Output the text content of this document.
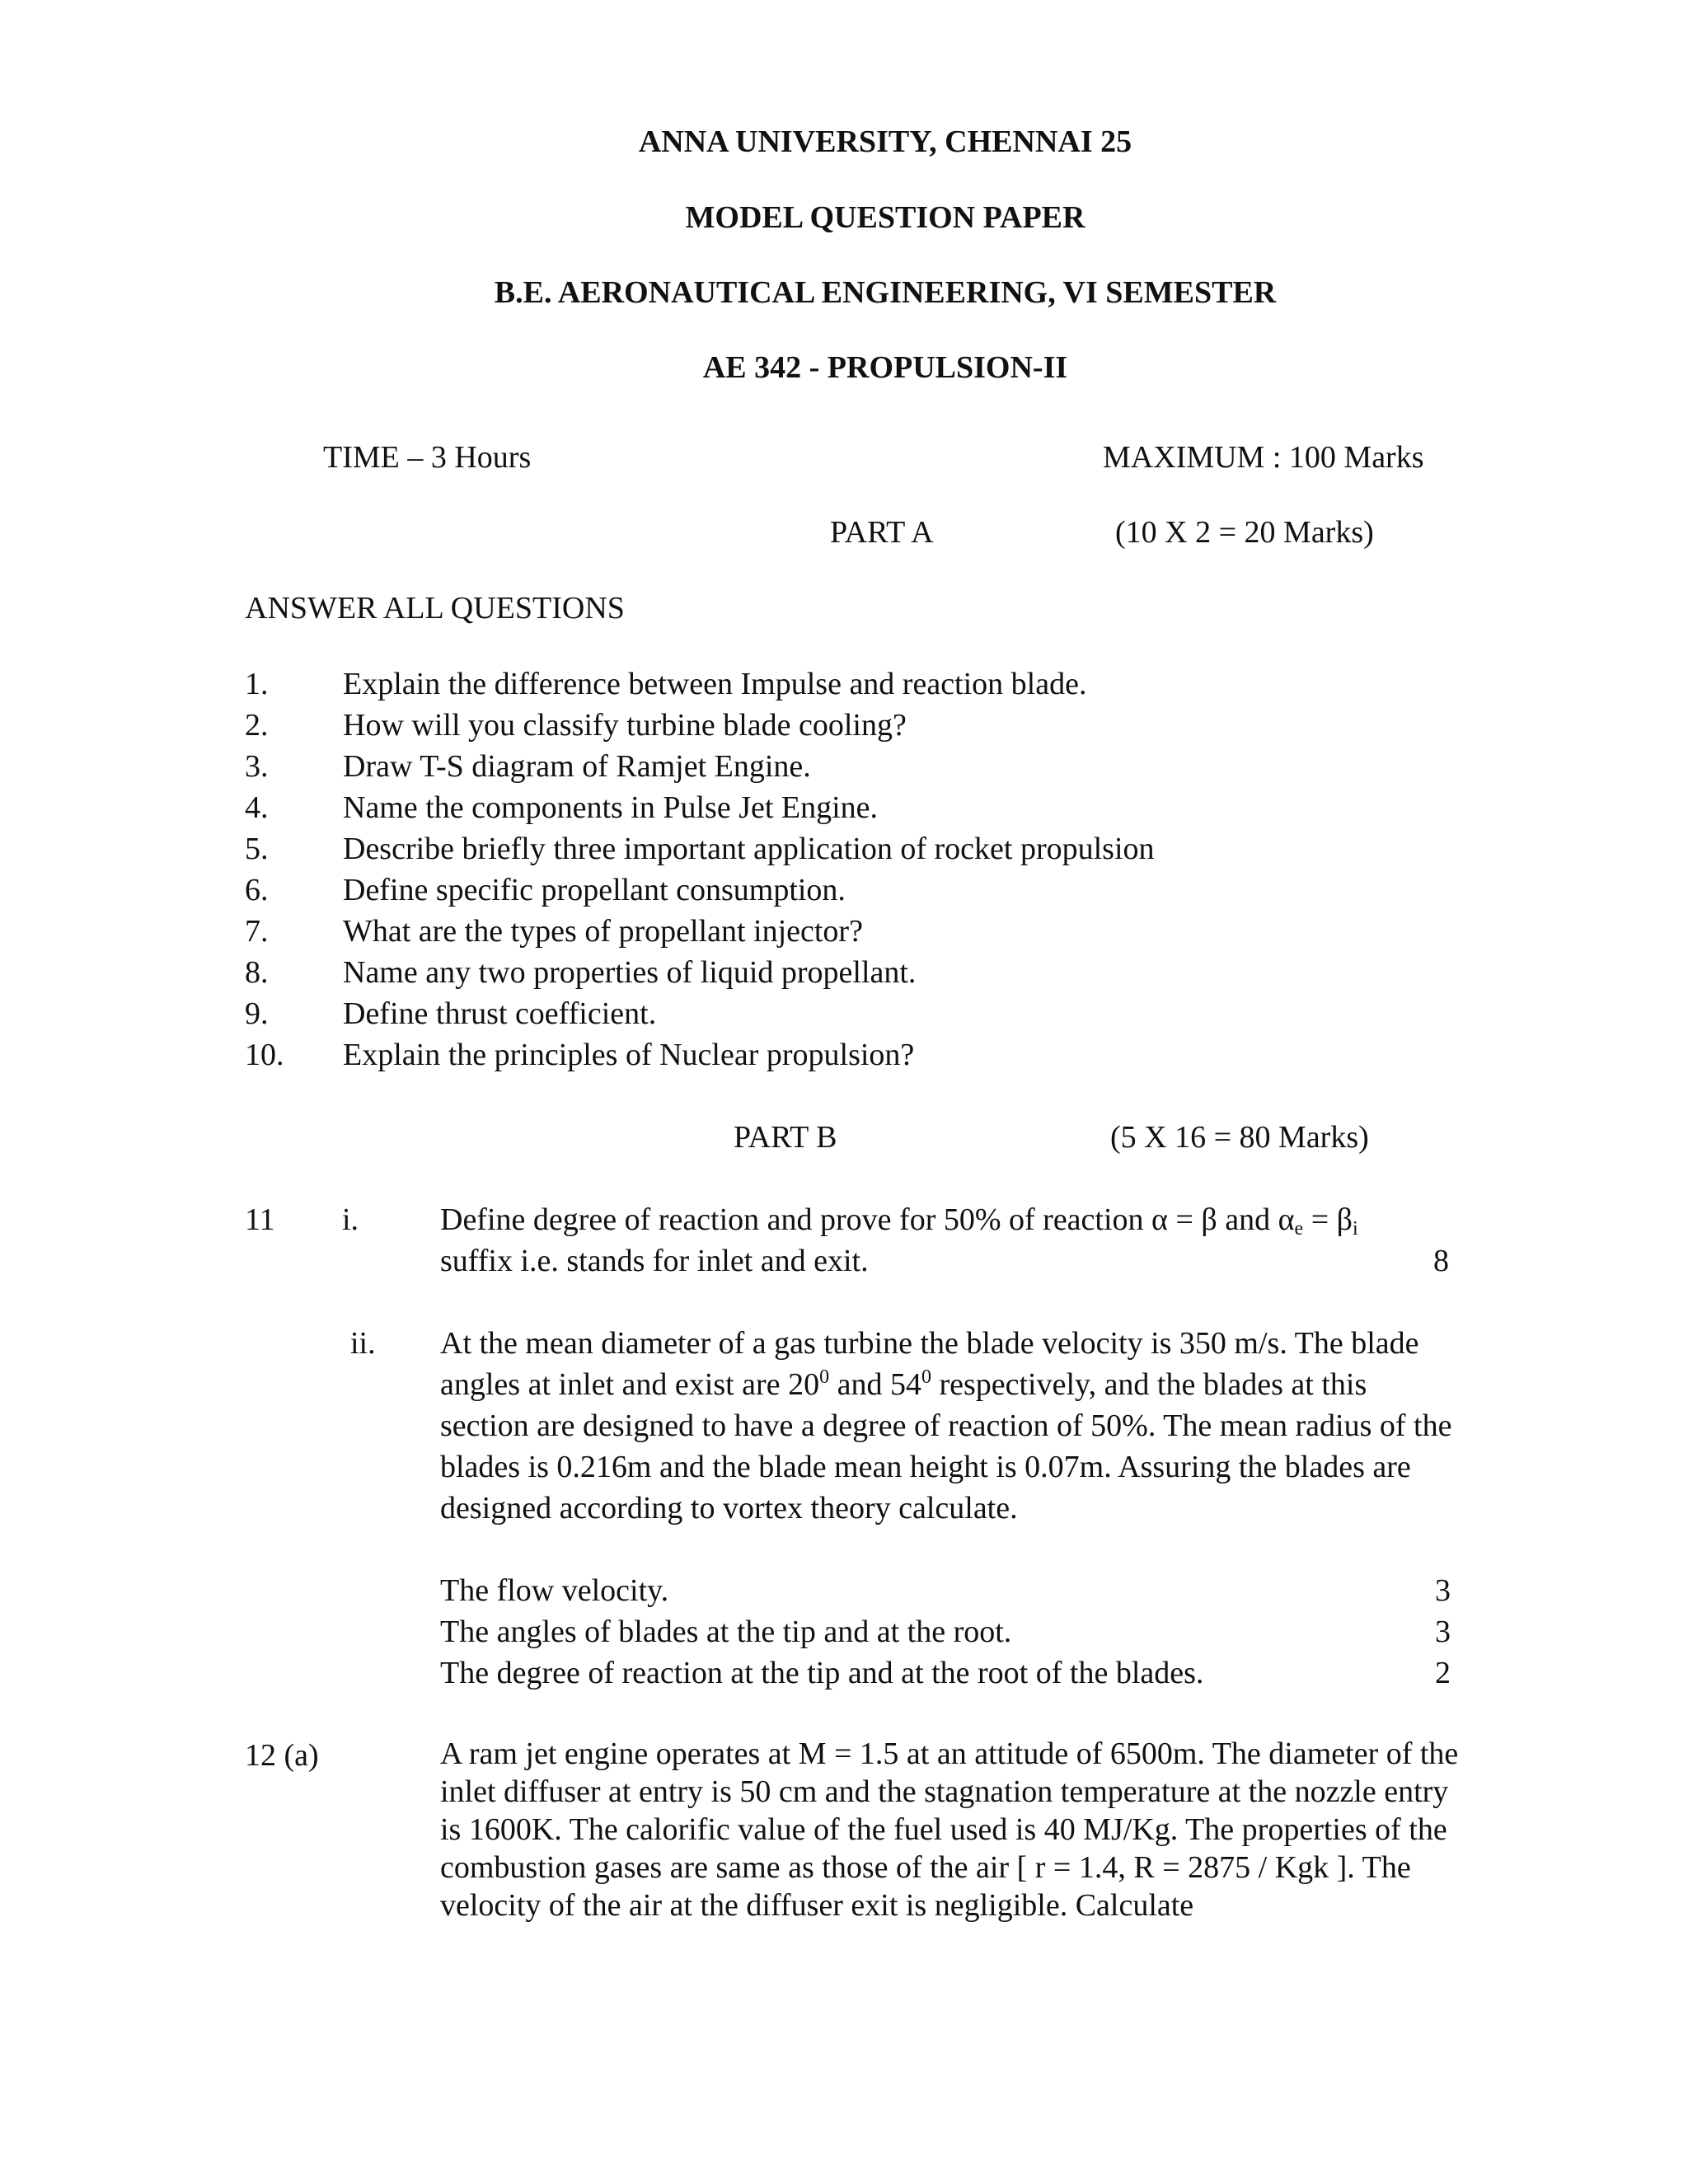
ANNA UNIVERSITY, CHENNAI 25
MODEL QUESTION PAPER
B.E. AERONAUTICAL ENGINEERING, VI SEMESTER
AE 342 - PROPULSION-II
TIME – 3 Hours	MAXIMUM : 100 Marks
PART A	(10 X 2 = 20 Marks)
ANSWER ALL QUESTIONS
1. Explain the difference between Impulse and reaction blade.
2. How will you classify turbine blade cooling?
3. Draw T-S diagram of Ramjet Engine.
4. Name the components in Pulse Jet Engine.
5. Describe briefly three important application of rocket propulsion
6. Define specific propellant consumption.
7. What are the types of propellant injector?
8. Name any two properties of liquid propellant.
9. Define thrust coefficient.
10. Explain the principles of Nuclear propulsion?
PART B	(5 X 16 = 80 Marks)
11 i.	Define degree of reaction and prove for 50% of reaction α = β and $\alpha_e = \beta_i$
suffix i.e. stands for inlet and exit.	8
ii. At the mean diameter of a gas turbine the blade velocity is 350 m/s. The blade
angles at inlet and exist are $20^0$ and $54^0$ respectively, and the blades at this
section are designed to have a degree of reaction of 50%. The mean radius of the
blades is 0.216m and the blade mean height is 0.07m. Assuring the blades are
designed according to vortex theory calculate.
The flow velocity.	3
The angles of blades at the tip and at the root.	3
The degree of reaction at the tip and at the root of the blades.	2
12 (a)	A ram jet engine operates at M = 1.5 at an attitude of 6500m. The diameter of the
inlet diffuser at entry is 50 cm and the stagnation temperature at the nozzle entry
is 1600K. The calorific value of the fuel used is 40 MJ/Kg. The properties of the
combustion gases are same as those of the air [ r = 1.4, R = 2875 / Kgk ]. The
velocity of the air at the diffuser exit is negligible. Calculate
